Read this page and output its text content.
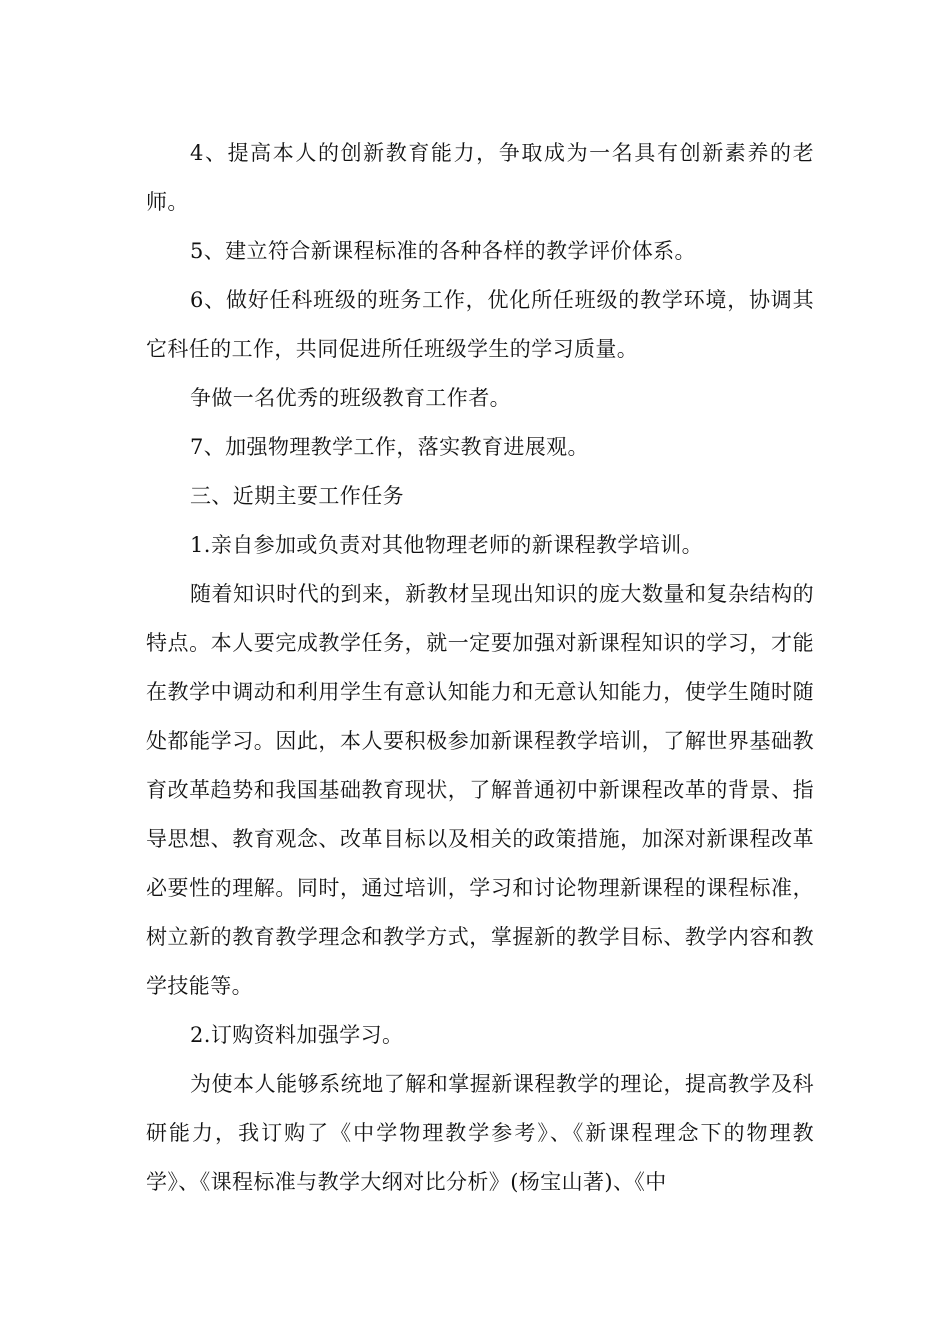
4、提高本人的创新教育能力，争取成为一名具有创新素养的老师。

5、建立符合新课程标准的各种各样的教学评价体系。

6、做好任科班级的班务工作，优化所任班级的教学环境，协调其它科任的工作，共同促进所任班级学生的学习质量。

争做一名优秀的班级教育工作者。

7、加强物理教学工作，落实教育进展观。

三、近期主要工作任务

1.亲自参加或负责对其他物理老师的新课程教学培训。

随着知识时代的到来，新教材呈现出知识的庞大数量和复杂结构的特点。本人要完成教学任务，就一定要加强对新课程知识的学习，才能在教学中调动和利用学生有意认知能力和无意认知能力，使学生随时随处都能学习。因此，本人要积极参加新课程教学培训，了解世界基础教育改革趋势和我国基础教育现状，了解普通初中新课程改革的背景、指导思想、教育观念、改革目标以及相关的政策措施，加深对新课程改革必要性的理解。同时，通过培训，学习和讨论物理新课程的课程标准，树立新的教育教学理念和教学方式，掌握新的教学目标、教学内容和教学技能等。

2.订购资料加强学习。

为使本人能够系统地了解和掌握新课程教学的理论，提高教学及科研能力，我订购了《中学物理教学参考》、《新课程理念下的物理教学》、《课程标准与教学大纲对比分析》(杨宝山著)、《中
